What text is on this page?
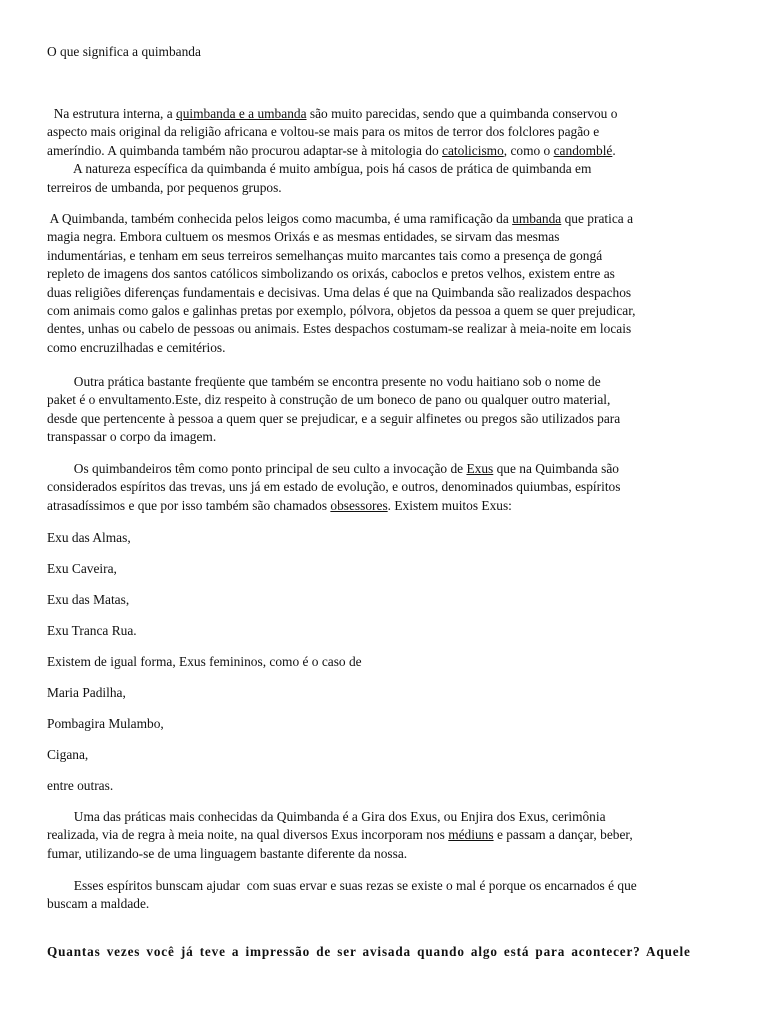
O que significa a quimbanda
Na estrutura interna, a quimbanda e a umbanda são muito parecidas, sendo que a quimbanda conservou o
aspecto mais original da religião africana e voltou-se mais para os mitos de terror dos folclores pagão e
ameríndio. A quimbanda também não procurou adaptar-se à mitologia do catolicismo, como o candomblé.
A natureza específica da quimbanda é muito ambígua, pois há casos de prática de quimbanda em
terreiros de umbanda, por pequenos grupos.
A Quimbanda, também conhecida pelos leigos como macumba, é uma ramificação da umbanda que pratica a
magia negra. Embora cultuem os mesmos Orixás e as mesmas entidades, se sirvam das mesmas
indumentárias, e tenham em seus terreiros semelhanças muito marcantes tais como a presença de gongá
repleto de imagens dos santos católicos simbolizando os orixás, caboclos e pretos velhos, existem entre as
duas religiões diferenças fundamentais e decisivas. Uma delas é que na Quimbanda são realizados despachos
com animais como galos e galinhas pretas por exemplo, pólvora, objetos da pessoa a quem se quer prejudicar,
dentes, unhas ou cabelo de pessoas ou animais. Estes despachos costumam-se realizar à meia-noite em locais
como encruzilhadas e cemitérios.
Outra prática bastante freqüente que também se encontra presente no vodu haitiano sob o nome de
paket é o envultamento.Este, diz respeito à construção de um boneco de pano ou qualquer outro material,
desde que pertencente à pessoa a quem quer se prejudicar, e a seguir alfinetes ou pregos são utilizados para
transpassar o corpo da imagem.
Os quimbandeiros têm como ponto principal de seu culto a invocação de Exus que na Quimbanda são
considerados espíritos das trevas, uns já em estado de evolução, e outros, denominados quiumbas, espíritos
atrasadíssimos e que por isso também são chamados obsessores. Existem muitos Exus:

Exu das Almas,

Exu Caveira,

Exu das Matas,

Exu Tranca Rua.

Existem de igual forma, Exus femininos, como é o caso de

Maria Padilha,

Pombagira Mulambo,

Cigana,

entre outras.

Uma das práticas mais conhecidas da Quimbanda é a Gira dos Exus, ou Enjira dos Exus, cerimônia
realizada, via de regra à meia noite, na qual diversos Exus incorporam nos médiuns e passam a dançar, beber,
fumar, utilizando-se de uma linguagem bastante diferente da nossa.
Esses espíritos bunscam ajudar  com suas ervar e suas rezas se existe o mal é porque os encarnados é que
buscam a maldade.

Quantas vezes você já teve a impressão de ser avisada quando algo está para acontecer? Aquele
